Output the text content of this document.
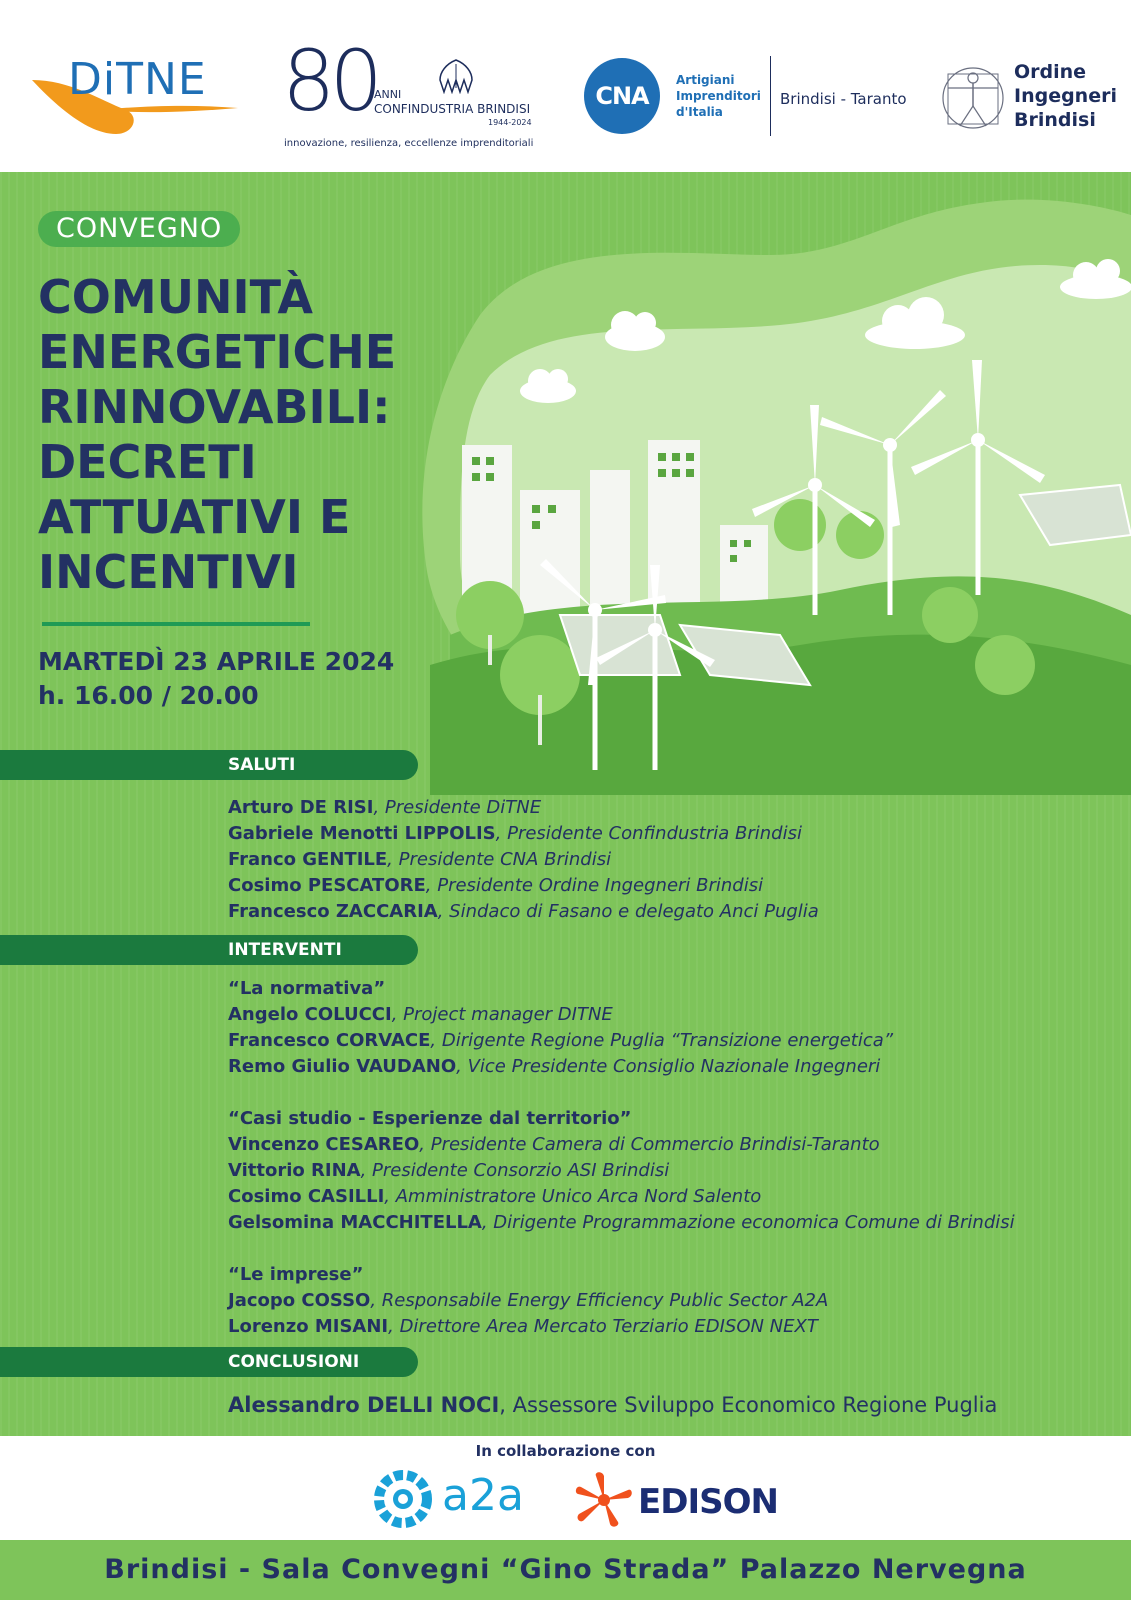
DiTNE 80
ANNI
CONFINDUSTRIA BRINDISI
1944-2024
innovazione, resilienza, eccellenze imprenditoriali
CNA
Artigiani
Imprenditori
d'Italia
Brindisi - Taranto
Ordine
Ingegneri
Brindisi
CONVEGNO
COMUNITÀ
ENERGETICHE
RINNOVABILI:
DECRETI
ATTUATIVI E
INCENTIVI
MARTEDÌ 23 APRILE 2024
h. 16.00 / 20.00
SALUTI
Arturo DE RISI, Presidente DiTNE
Gabriele Menotti LIPPOLIS, Presidente Confindustria Brindisi
Franco GENTILE, Presidente CNA Brindisi
Cosimo PESCATORE, Presidente Ordine Ingegneri Brindisi
Francesco ZACCARIA, Sindaco di Fasano e delegato Anci Puglia
INTERVENTI
“La normativa”
Angelo COLUCCI, Project manager DITNE
Francesco CORVACE, Dirigente Regione Puglia “Transizione energetica”
Remo Giulio VAUDANO, Vice Presidente Consiglio Nazionale Ingegneri
“Casi studio - Esperienze dal territorio”
Vincenzo CESAREO, Presidente Camera di Commercio Brindisi-Taranto
Vittorio RINA, Presidente Consorzio ASI Brindisi
Cosimo CASILLI, Amministratore Unico Arca Nord Salento
Gelsomina MACCHITELLA, Dirigente Programmazione economica Comune di Brindisi
“Le imprese”
Jacopo COSSO, Responsabile Energy Efficiency Public Sector A2A
Lorenzo MISANI, Direttore Area Mercato Terziario EDISON NEXT
CONCLUSIONI
Alessandro DELLI NOCI, Assessore Sviluppo Economico Regione Puglia
In collaborazione con
a2a	EDISON
Brindisi - Sala Convegni “Gino Strada” Palazzo Nervegna
